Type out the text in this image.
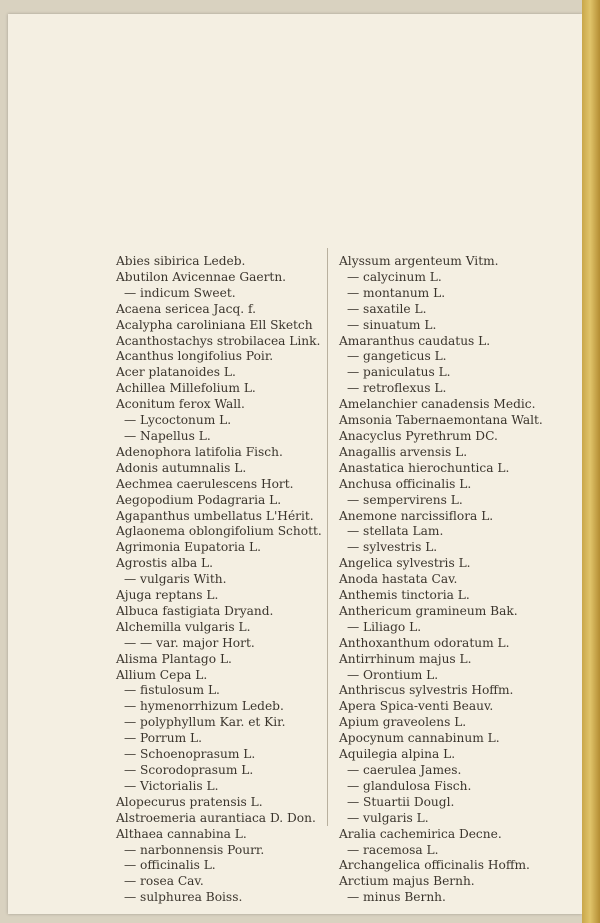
Abies sibirica Ledeb.
Abutilon Avicennae Gaertn.
— indicum Sweet.
Acaena sericea Jacq. f.
Acalypha caroliniana Ell Sketch
Acanthostachys strobilacea Link.
Acanthus longifolius Poir.
Acer platanoides L.
Achillea Millefolium L.
Aconitum ferox Wall.
— Lycoctonum L.
— Napellus L.
Adenophora latifolia Fisch.
Adonis autumnalis L.
Aechmea caerulescens Hort.
Aegopodium Podagraria L.
Agapanthus umbellatus L'Hérit.
Aglaonema oblongifolium Schott.
Agrimonia Eupatoria L.
Agrostis alba L.
— vulgaris With.
Ajuga reptans L.
Albuca fastigiata Dryand.
Alchemilla vulgaris L.
— — var. major Hort.
Alisma Plantago L.
Allium Cepa L.
— fistulosum L.
— hymenorrhizum Ledeb.
— polyphyllum Kar. et Kir.
— Porrum L.
— Schoenoprasum L.
— Scorodoprasum L.
— Victorialis L.
Alopecurus pratensis L.
Alstroemeria aurantiaca D. Don.
Althaea cannabina L.
— narbonnensis Pourr.
— officinalis L.
— rosea Cav.
— sulphurea Boiss.
Alyssum argenteum Vitm.
— calycinum L.
— montanum L.
— saxatile L.
— sinuatum L.
Amaranthus caudatus L.
— gangeticus L.
— paniculatus L.
— retroflexus L.
Amelanchier canadensis Medic.
Amsonia Tabernaemontana Walt.
Anacyclus Pyrethrum DC.
Anagallis arvensis L.
Anastatica hierochuntica L.
Anchusa officinalis L.
— sempervirens L.
Anemone narcissiflora L.
— stellata Lam.
— sylvestris L.
Angelica sylvestris L.
Anoda hastata Cav.
Anthemis tinctoria L.
Anthericum gramineum Bak.
— Liliago L.
Anthoxanthum odoratum L.
Antirrhinum majus L.
— Orontium L.
Anthriscus sylvestris Hoffm.
Apera Spica-venti Beauv.
Apium graveolens L.
Apocynum cannabinum L.
Aquilegia alpina L.
— caerulea James.
— glandulosa Fisch.
— Stuartii Dougl.
— vulgaris L.
Aralia cachemirica Decne.
— racemosa L.
Archangelica officinalis Hoffm.
Arctium majus Bernh.
— minus Bernh.
